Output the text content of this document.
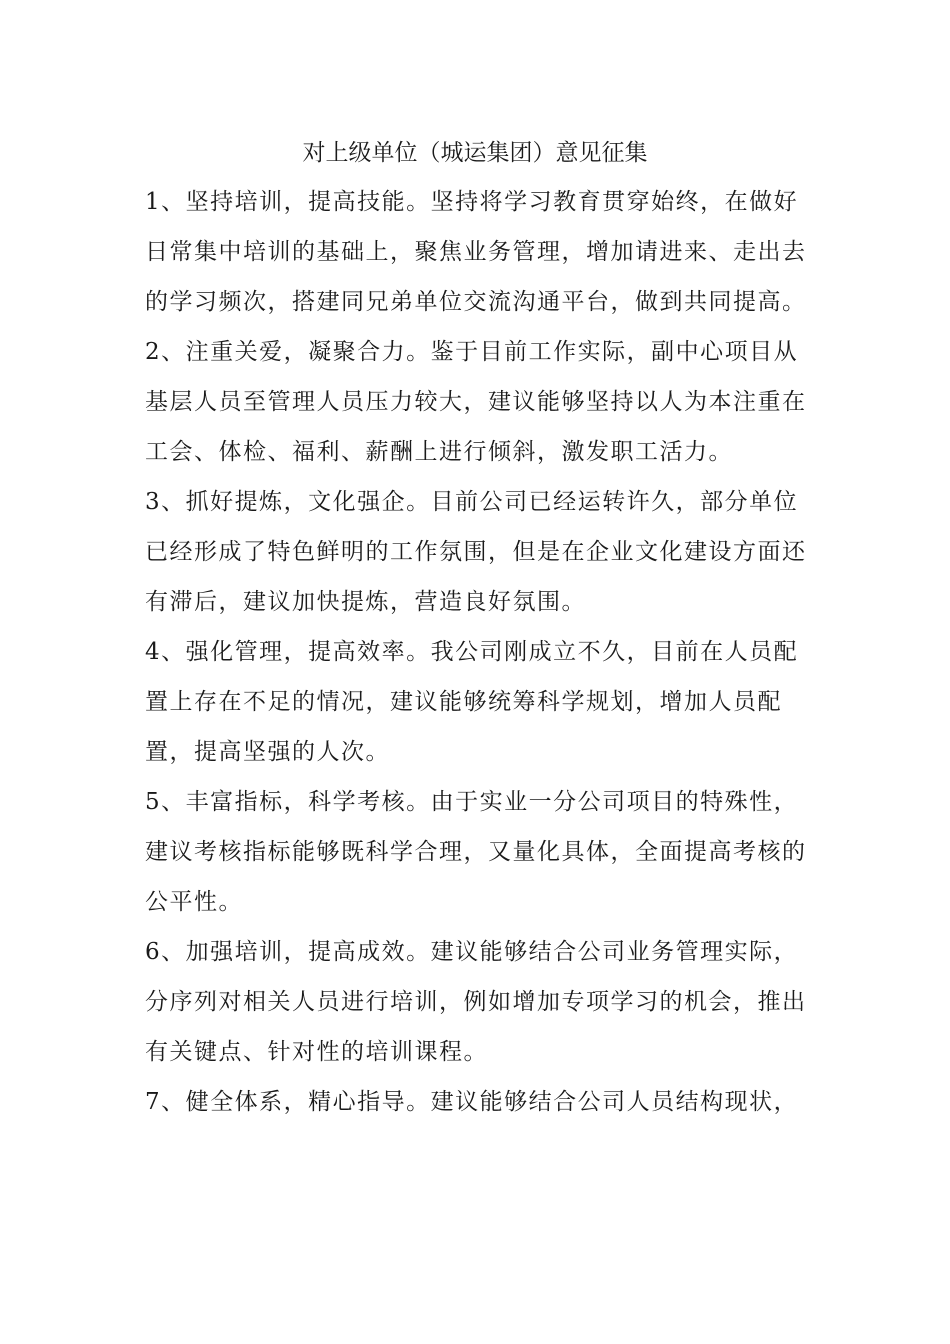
对上级单位（城运集团）意见征集

1、坚持培训，提高技能。坚持将学习教育贯穿始终，在做好日常集中培训的基础上，聚焦业务管理，增加请进来、走出去的学习频次，搭建同兄弟单位交流沟通平台，做到共同提高。

2、注重关爱，凝聚合力。鉴于目前工作实际，副中心项目从基层人员至管理人员压力较大，建议能够坚持以人为本注重在工会、体检、福利、薪酬上进行倾斜，激发职工活力。

3、抓好提炼，文化强企。目前公司已经运转许久，部分单位已经形成了特色鲜明的工作氛围，但是在企业文化建设方面还有滞后，建议加快提炼，营造良好氛围。

4、强化管理，提高效率。我公司刚成立不久，目前在人员配置上存在不足的情况，建议能够统筹科学规划，增加人员配置，提高坚强的人次。

5、丰富指标，科学考核。由于实业一分公司项目的特殊性，建议考核指标能够既科学合理，又量化具体，全面提高考核的公平性。

6、加强培训，提高成效。建议能够结合公司业务管理实际，分序列对相关人员进行培训，例如增加专项学习的机会，推出有关键点、针对性的培训课程。

7、健全体系，精心指导。建议能够结合公司人员结构现状，
